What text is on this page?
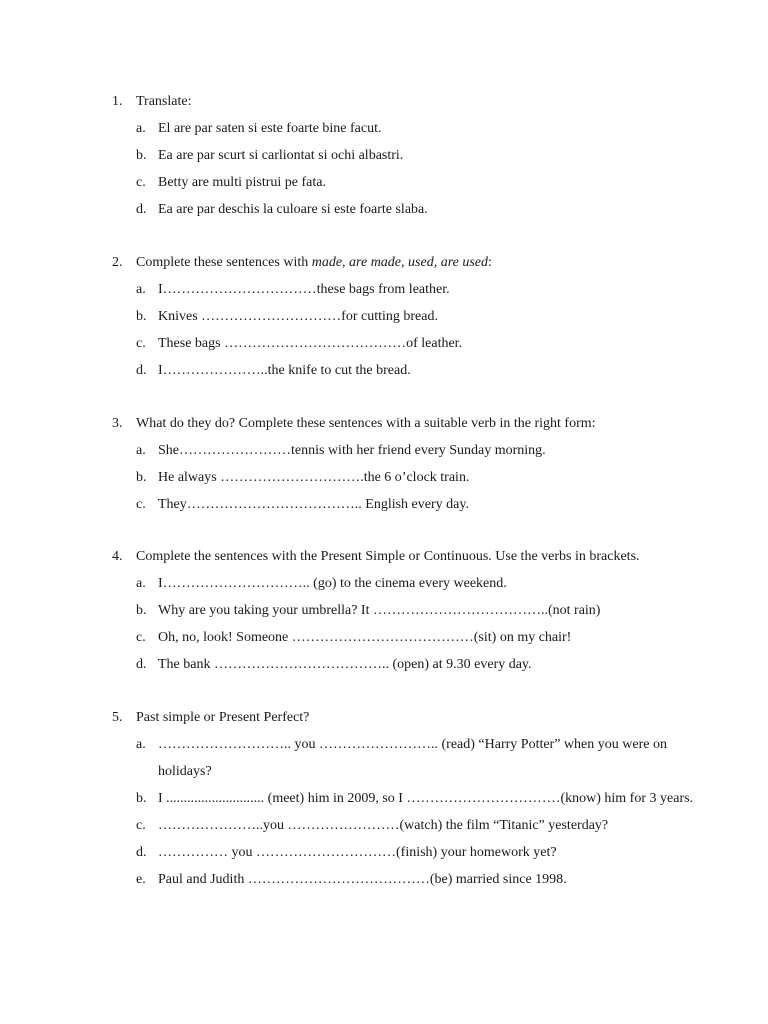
1. Translate:
a. El are par saten si este foarte bine facut.
b. Ea are par scurt si carliontat si ochi albastri.
c. Betty are multi pistrui pe fata.
d. Ea are par deschis la culoare si este foarte slaba.
2. Complete these sentences with made, are made, used, are used:
a. I……………………………these bags from leather.
b. Knives …………………………for cutting bread.
c. These bags …………………………………of leather.
d. I…………………..the knife to cut the bread.
3. What do they do? Complete these sentences with a suitable verb in the right form:
a. She……………………tennis with her friend every Sunday morning.
b. He always ………………………….the 6 o’clock train.
c. They……………………………….. English every day.
4. Complete the sentences with the Present Simple or Continuous. Use the verbs in brackets.
a. I………………………….. (go) to the cinema every weekend.
b. Why are you taking your umbrella? It ………………………………..(not rain)
c. Oh, no, look! Someone …………………………………(sit) on my chair!
d. The bank ……………………………….. (open) at 9.30 every day.
5. Past simple or Present Perfect?
a. ……………………….. you …………………….. (read) “Harry Potter” when you were on holidays?
b. I ............................ (meet) him in 2009, so I ……………………………(know) him for 3 years.
c. …………………..you ……………………(watch) the film “Titanic” yesterday?
d. …………… you …………………………(finish) your homework yet?
e. Paul and Judith …………………………………(be) married since 1998.
